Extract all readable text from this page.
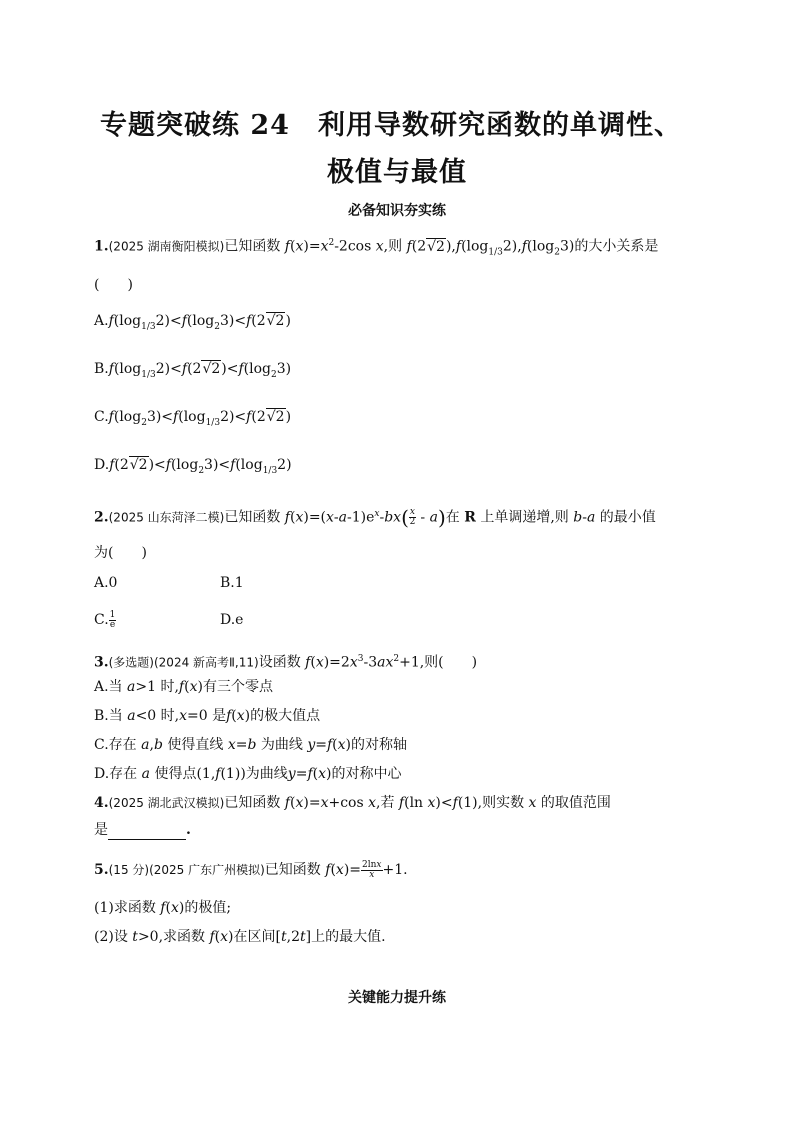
专题突破练 24　利用导数研究函数的单调性、
极值与最值
必备知识夯实练
1.(2025 湖南衡阳模拟)已知函数 $f(x)=x^2-2\cos$ x,则 $f(2√2),f(\log_{1/3}2),f(\log_23)$的大小关系是
(　　)
$A.f(\log_{1/3}2)<f(\log_23)<f(2√2)$
$B.f(\log_{1/3}2)<f(2√2)<f(\log_23)$
$C.f(\log_23)<f(\log_{1/3}2)<f(2√2)$
$D.f(2√2)<f(\log_23)<f(\log_{1/3}2)$
2.(2025 山东菏泽二模)已知函数 $f(x)=(x-a-1)e^x-bx( \frac{x}{2} - a)$在 R 上单调递增,则 b-a 的最小值
为(　　)
A.0	B.1
C. $\frac{1}{e}$	D.e
3.(多选题)(2024 新高考Ⅱ,11)设函数 $f(x)=2x^3-3ax^2+1$,则(　　)
A.当 a>1 时,f(x)有三个零点
B.当 a<0 时,x=0 是f(x)的极大值点
C.存在 a,b 使得直线 x=b 为曲线 y=f(x)的对称轴
D.存在 a 使得点(1,f(1))为曲线y=f(x)的对称中心
4.(2025 湖北武汉模拟)已知函数 f(x)=x+cos x,若 f(ln x)<f(1),则实数 x 的取值范围
是	.
5.(15 分)(2025 广东广州模拟)已知函数 $f(x)= \frac{2\ln x}{x} +1$.
(1)求函数 f(x)的极值;
(2)设 t>0,求函数 f(x)在区间[t,2t]上的最大值.
关键能力提升练
